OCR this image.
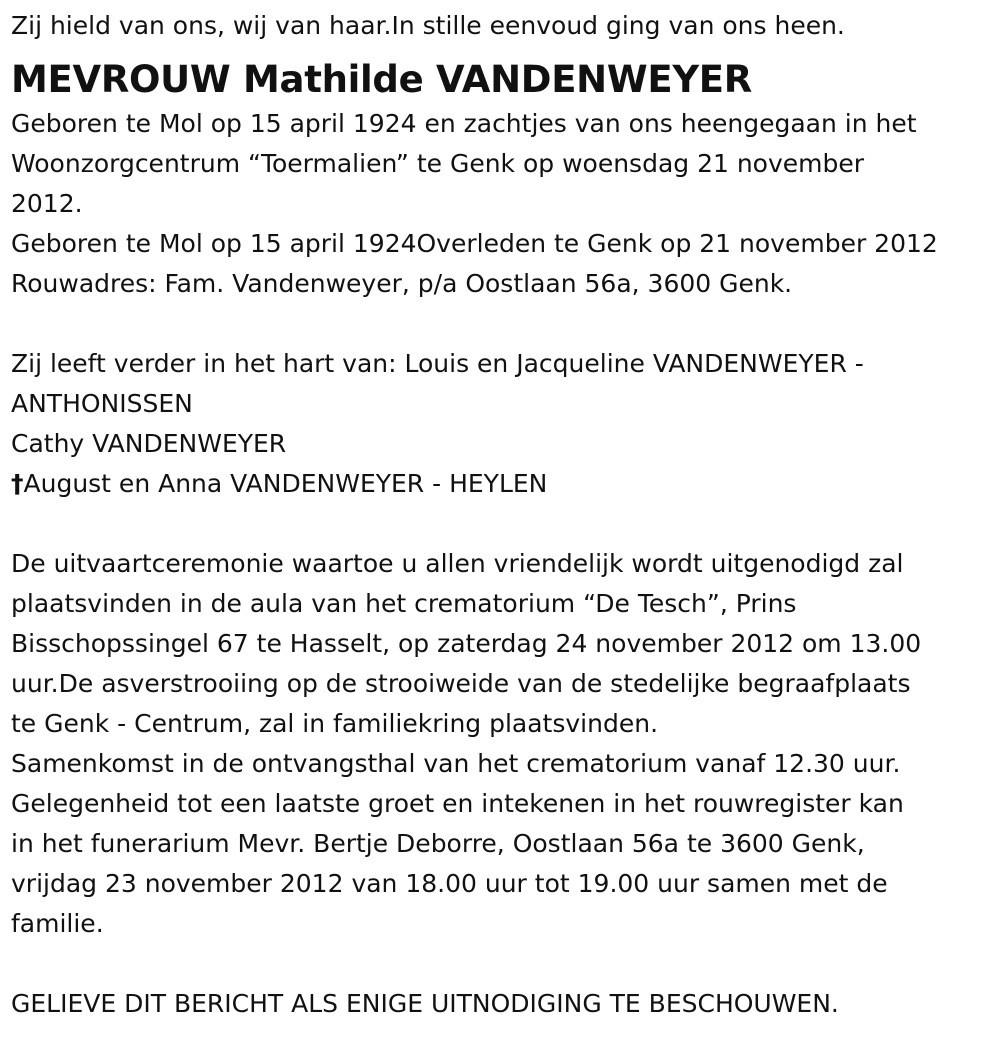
Zij hield van ons, wij van haar.In stille eenvoud ging van ons heen.

MEVROUW Mathilde VANDENWEYER

Geboren te Mol op 15 april 1924 en zachtjes van ons heengegaan in het

Woonzorgcentrum “Toermalien” te Genk op woensdag 21 november

2012.

Geboren te Mol op 15 april 1924Overleden te Genk op 21 november 2012

Rouwadres: Fam. Vandenweyer, p/a Oostlaan 56a, 3600 Genk.

Zij leeft verder in het hart van: Louis en Jacqueline VANDENWEYER -

ANTHONISSEN

Cathy VANDENWEYER

†August en Anna VANDENWEYER - HEYLEN

De uitvaartceremonie waartoe u allen vriendelijk wordt uitgenodigd zal

plaatsvinden in de aula van het crematorium “De Tesch”, Prins

Bisschopssingel 67 te Hasselt, op zaterdag 24 november 2012 om 13.00

uur.De asverstrooiing op de strooiweide van de stedelijke begraafplaats

te Genk - Centrum, zal in familiekring plaatsvinden.

Samenkomst in de ontvangsthal van het crematorium vanaf 12.30 uur.

Gelegenheid tot een laatste groet en intekenen in het rouwregister kan

in het funerarium Mevr. Bertje Deborre, Oostlaan 56a te 3600 Genk,

vrijdag 23 november 2012 van 18.00 uur tot 19.00 uur samen met de

familie.

GELIEVE DIT BERICHT ALS ENIGE UITNODIGING TE BESCHOUWEN.
